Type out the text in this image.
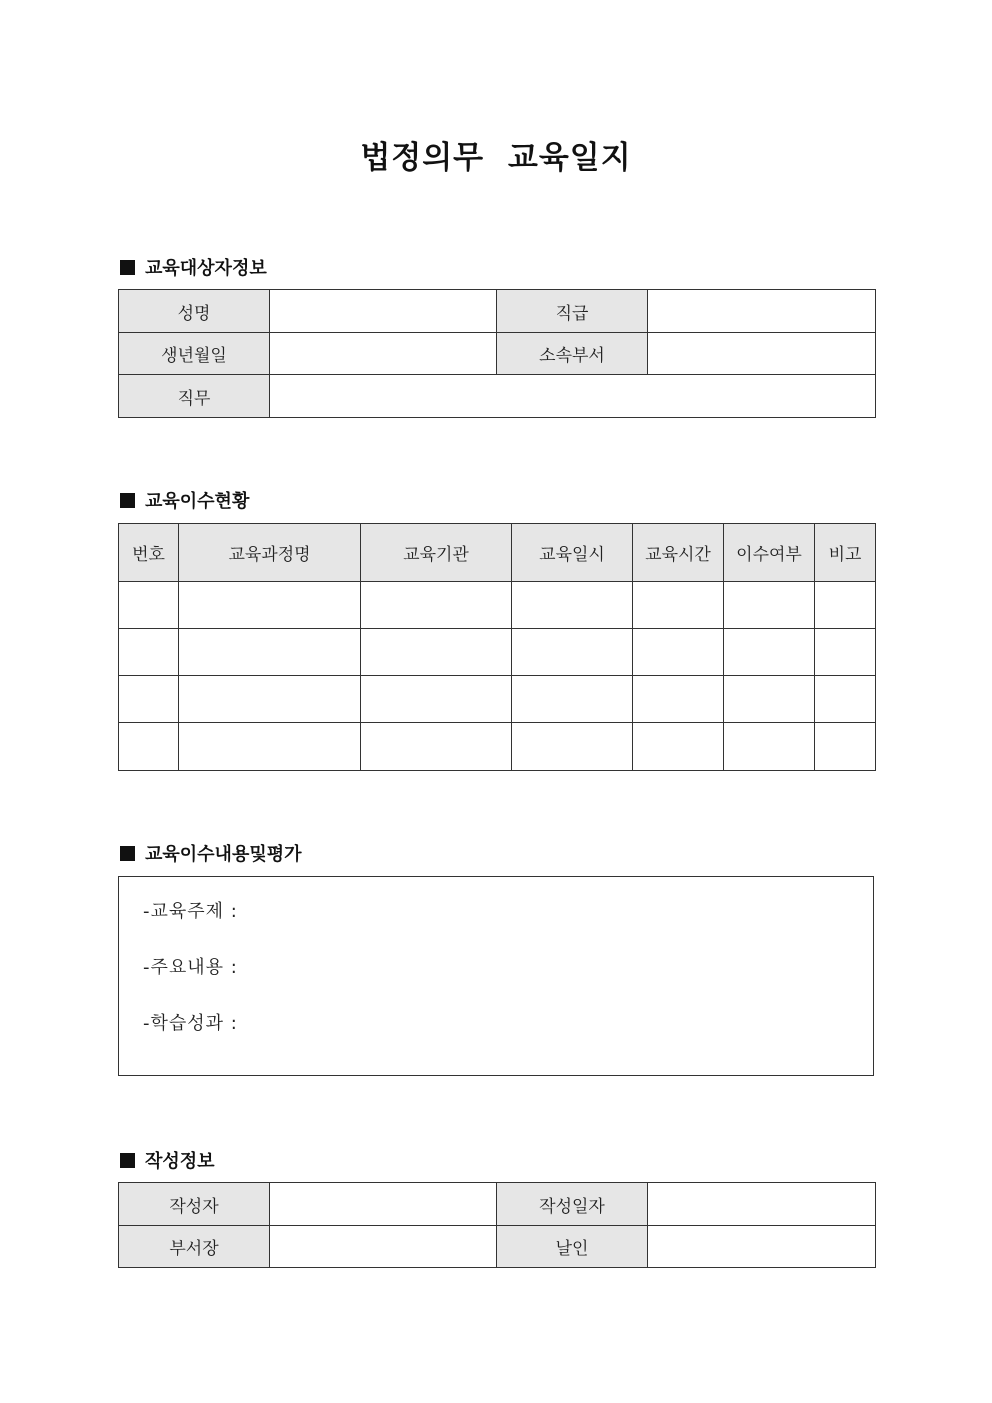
법정의무 교육일지
교육대상자정보
성명		직급	
생년월일		소속부서	
직무			
교육이수현황
번호	교육과정명	교육기관	교육일시	교육시간	이수여부	비고

교육이수내용및평가
-교육주제 :
-주요내용 :
-학습성과 :
작성정보
작성자		작성일자	
부서장		날인	
